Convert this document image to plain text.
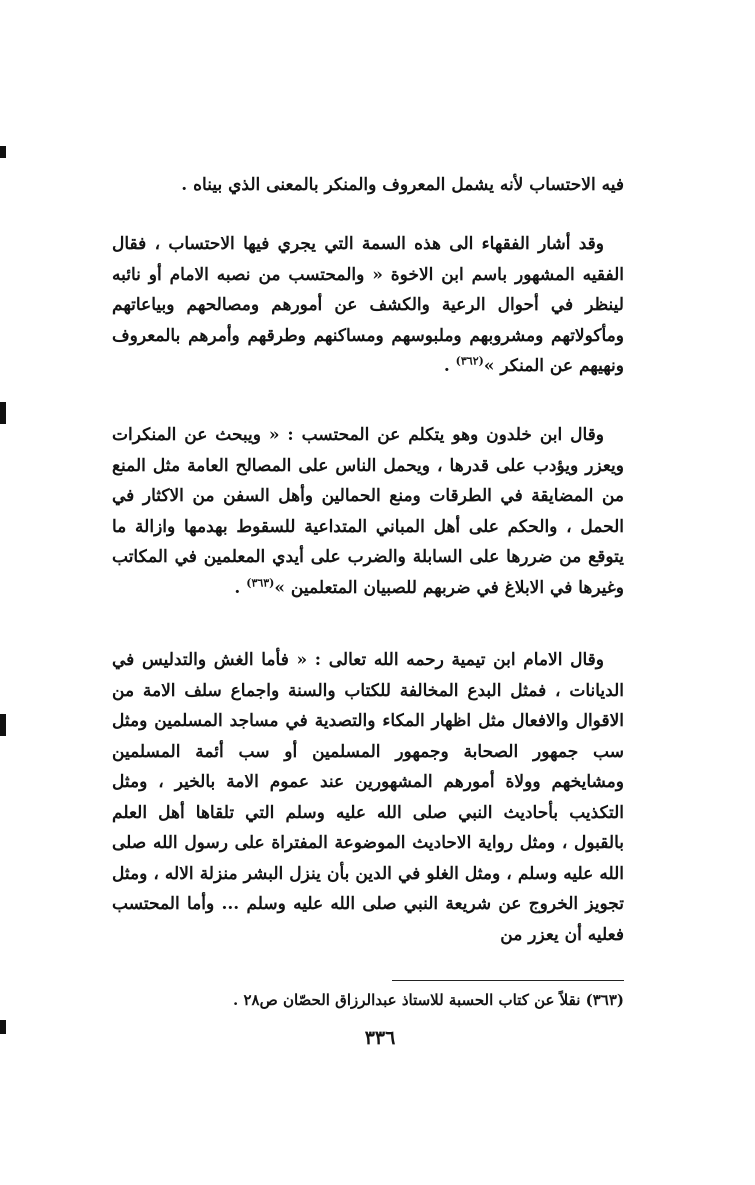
فيه الاحتساب لأنه يشمل المعروف والمنكر بالمعنى الذي بيناه .

وقد أشار الفقهاء الى هذه السمة التي يجري فيها الاحتساب ، فقال الفقيه المشهور باسم ابن الاخوة « والمحتسب من نصبه الامام أو نائبه لينظر في أحوال الرعية والكشف عن أمورهم ومصالحهم وبياعاتهم ومأكولاتهم ومشروبهم وملبوسهم ومساكنهم وطرقهم وأمرهم بالمعروف ونهيهم عن المنكر »$^{(٣٦٢)}$ .

وقال ابن خلدون وهو يتكلم عن المحتسب : « ويبحث عن المنكرات ويعزر ويؤدب على قدرها ، ويحمل الناس على المصالح العامة مثل المنع من المضايقة في الطرقات ومنع الحمالين وأهل السفن من الاكثار في الحمل ، والحكم على أهل المباني المتداعية للسقوط بهدمها وازالة ما يتوقع من ضررها على السابلة والضرب على أيدي المعلمين في المكاتب وغيرها في الابلاغ في ضربهم للصبيان المتعلمين »$^{(٣٦٣)}$ .

وقال الامام ابن تيمية رحمه الله تعالى : « فأما الغش والتدليس في الديانات ، فمثل البدع المخالفة للكتاب والسنة واجماع سلف الامة من الاقوال والافعال مثل اظهار المكاء والتصدية في مساجد المسلمين ومثل سب جمهور الصحابة وجمهور المسلمين أو سب أئمة المسلمين ومشايخهم وولاة أمورهم المشهورين عند عموم الامة بالخير ، ومثل التكذيب بأحاديث النبي صلى الله عليه وسلم التي تلقاها أهل العلم بالقبول ، ومثل رواية الاحاديث الموضوعة المفتراة على رسول الله صلى الله عليه وسلم ، ومثل الغلو في الدين بأن ينزل البشر منزلة الاله ، ومثل تجويز الخروج عن شريعة النبي صلى الله عليه وسلم ... وأما المحتسب فعليه أن يعزر من

(٣٦٣) نقلاً عن كتاب الحسبة للاستاذ عبدالرزاق الحصّان ص٢٨ .
٣٣٦
